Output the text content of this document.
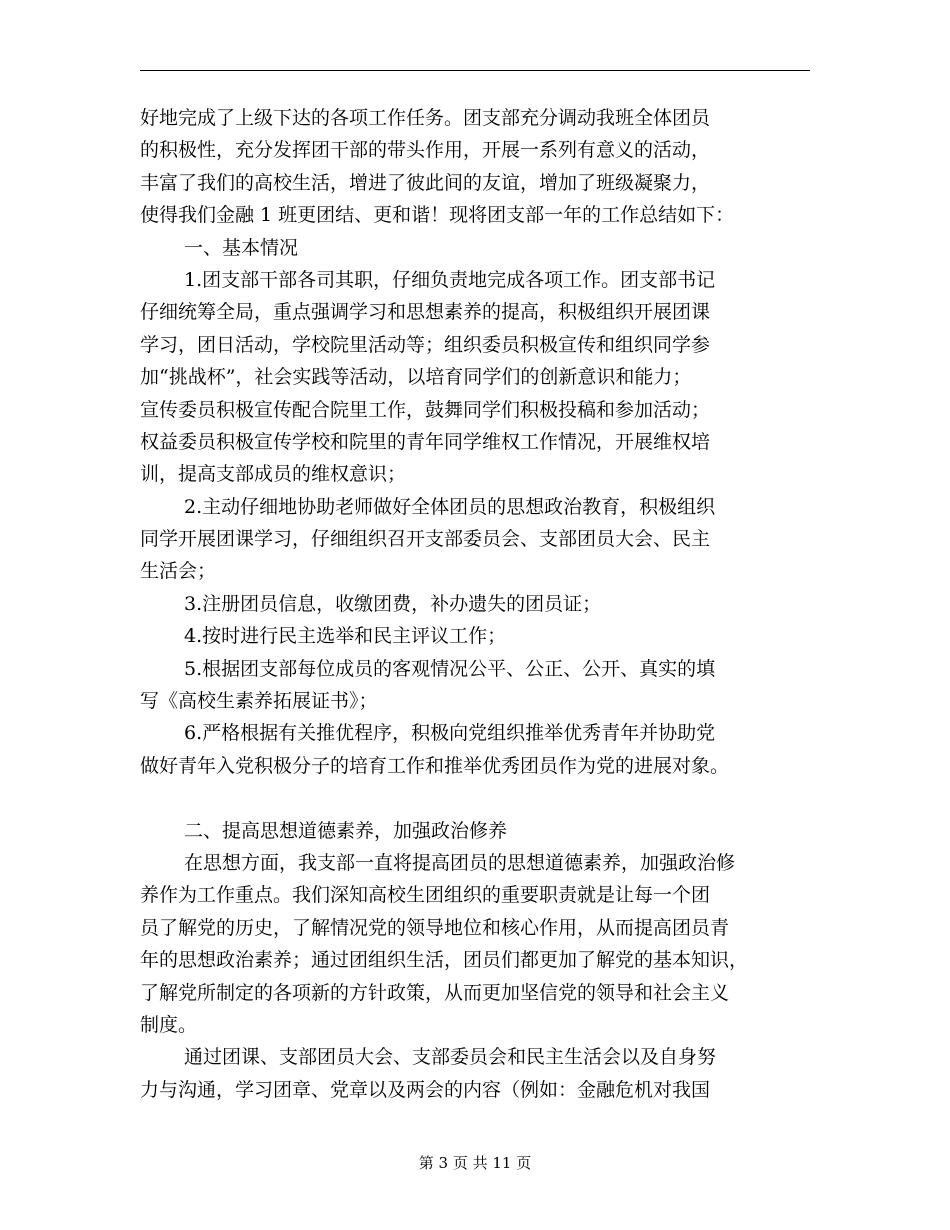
好地完成了上级下达的各项工作任务。团支部充分调动我班全体团员
的积极性，充分发挥团干部的带头作用，开展一系列有意义的活动，
丰富了我们的高校生活，增进了彼此间的友谊，增加了班级凝聚力，
使得我们金融 1 班更团结、更和谐！现将团支部一年的工作总结如下：
一、基本情况
1.团支部干部各司其职，仔细负责地完成各项工作。团支部书记
仔细统筹全局，重点强调学习和思想素养的提高，积极组织开展团课
学习，团日活动，学校院里活动等；组织委员积极宣传和组织同学参
加“挑战杯”，社会实践等活动，以培育同学们的创新意识和能力；
宣传委员积极宣传配合院里工作，鼓舞同学们积极投稿和参加活动；
权益委员积极宣传学校和院里的青年同学维权工作情况，开展维权培
训，提高支部成员的维权意识；
2.主动仔细地协助老师做好全体团员的思想政治教育，积极组织
同学开展团课学习，仔细组织召开支部委员会、支部团员大会、民主
生活会；
3.注册团员信息，收缴团费，补办遗失的团员证；
4.按时进行民主选举和民主评议工作；
5.根据团支部每位成员的客观情况公平、公正、公开、真实的填
写《高校生素养拓展证书》；
6.严格根据有关推优程序，积极向党组织推举优秀青年并协助党
做好青年入党积极分子的培育工作和推举优秀团员作为党的进展对象。
二、提高思想道德素养，加强政治修养
在思想方面，我支部一直将提高团员的思想道德素养，加强政治修
养作为工作重点。我们深知高校生团组织的重要职责就是让每一个团
员了解党的历史，了解情况党的领导地位和核心作用，从而提高团员青
年的思想政治素养；通过团组织生活，团员们都更加了解党的基本知识，
了解党所制定的各项新的方针政策，从而更加坚信党的领导和社会主义
制度。
通过团课、支部团员大会、支部委员会和民主生活会以及自身努
力与沟通，学习团章、党章以及两会的内容（例如：金融危机对我国
第 3 页 共 11 页
